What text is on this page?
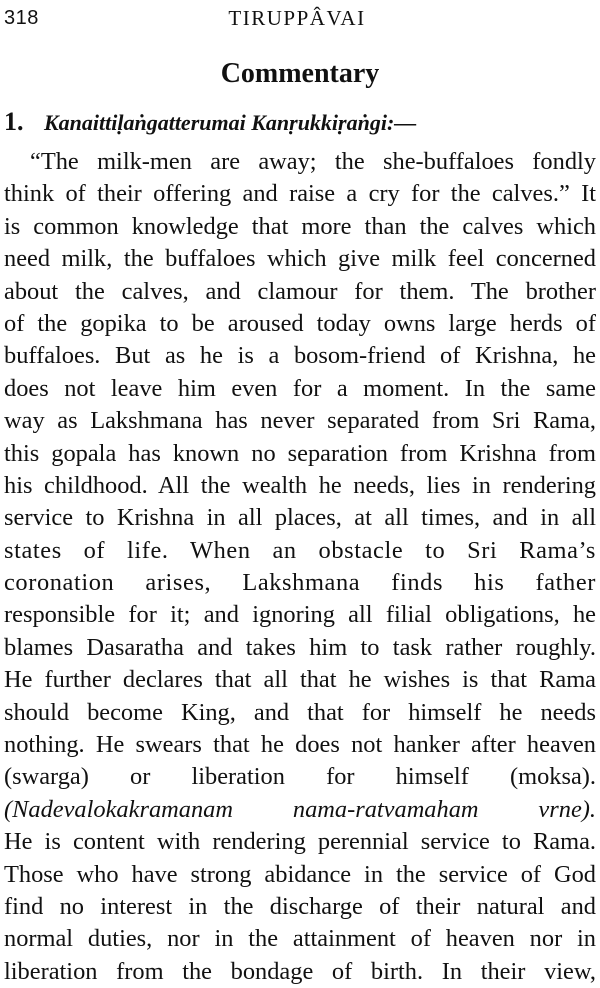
318	TIRUPPÂVAI
Commentary
1. Kanaittiḷaṅgatterumai Kanṛukkiṛaṅgi:—
“The milk-men are away; the she-buffaloes fondly
think of their offering and raise a cry for the calves.” It
is common knowledge that more than the calves which
need milk, the buffaloes which give milk feel concerned
about the calves, and clamour for them. The brother
of the gopika to be aroused today owns large herds of
buffaloes. But as he is a bosom-friend of Krishna, he
does not leave him even for a moment. In the same
way as Lakshmana has never separated from Sri Rama,
this gopala has known no separation from Krishna from
his childhood. All the wealth he needs, lies in rendering
service to Krishna in all places, at all times, and in all
states of life. When an obstacle to Sri Rama’s
coronation arises, Lakshmana finds his father
responsible for it; and ignoring all filial obligations, he
blames Dasaratha and takes him to task rather roughly.
He further declares that all that he wishes is that Rama
should become King, and that for himself he needs
nothing. He swears that he does not hanker after heaven
(swarga) or liberation for himself (moksa).
(Nadevalokakramanam nama-ratvamaham vrne).
He is content with rendering perennial service to Rama.
Those who have strong abidance in the service of God
find no interest in the discharge of their natural and
normal duties, nor in the attainment of heaven nor in
liberation from the bondage of birth. In their view,
